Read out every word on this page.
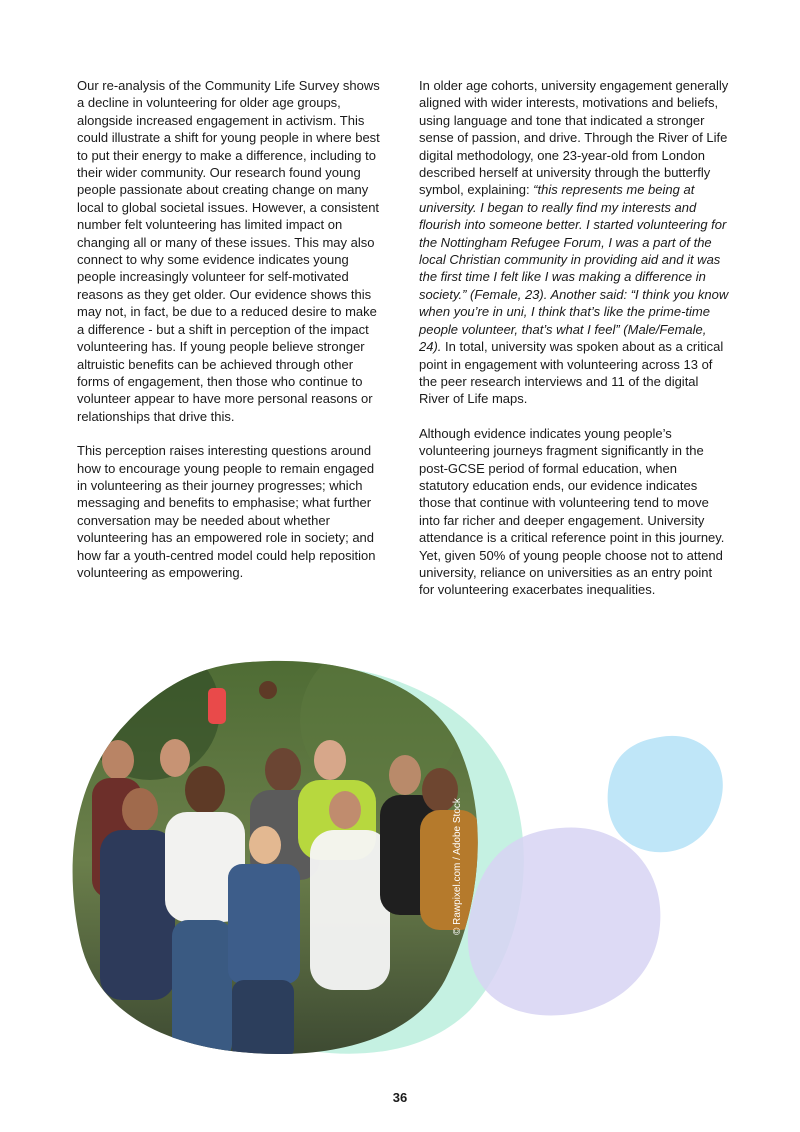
Our re-analysis of the Community Life Survey shows a decline in volunteering for older age groups, alongside increased engagement in activism. This could illustrate a shift for young people in where best to put their energy to make a difference, including to their wider community. Our research found young people passionate about creating change on many local to global societal issues. However, a consistent number felt volunteering has limited impact on changing all or many of these issues. This may also connect to why some evidence indicates young people increasingly volunteer for self-motivated reasons as they get older. Our evidence shows this may not, in fact, be due to a reduced desire to make a difference - but a shift in perception of the impact volunteering has. If young people believe stronger altruistic benefits can be achieved through other forms of engagement, then those who continue to volunteer appear to have more personal reasons or relationships that drive this.

This perception raises interesting questions around how to encourage young people to remain engaged in volunteering as their journey progresses; which messaging and benefits to emphasise; what further conversation may be needed about whether volunteering has an empowered role in society; and how far a youth-centred model could help reposition volunteering as empowering.

In older age cohorts, university engagement generally aligned with wider interests, motivations and beliefs, using language and tone that indicated a stronger sense of passion, and drive. Through the River of Life digital methodology, one 23-year-old from London described herself at university through the butterfly symbol, explaining: “this represents me being at university. I began to really find my interests and flourish into someone better. I started volunteering for the Nottingham Refugee Forum, I was a part of the local Christian community in providing aid and it was the first time I felt like I was making a difference in society.” (Female, 23). Another said: “I think you know when you’re in uni, I think that’s like the prime-time people volunteer, that’s what I feel” (Male/Female, 24). In total, university was spoken about as a critical point in engagement with volunteering across 13 of the peer research interviews and 11 of the digital River of Life maps.

Although evidence indicates young people’s volunteering journeys fragment significantly in the post-GCSE period of formal education, when statutory education ends, our evidence indicates those that continue with volunteering tend to move into far richer and deeper engagement. University attendance is a critical reference point in this journey. Yet, given 50% of young people choose not to attend university, reliance on universities as an entry point for volunteering exacerbates inequalities.

© Rawpixel.com / Adobe Stock
36
